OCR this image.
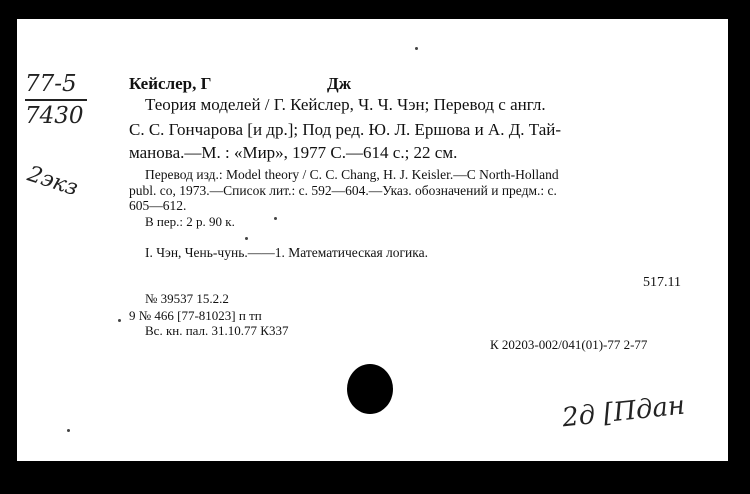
77-5
7430
2экз
Кейслер, Г	Дж
Теория моделей / Г. Кейслер, Ч. Ч. Чэн; Перевод с англ.
С. С. Гончарова [и др.]; Под ред. Ю. Л. Ершова и А. Д. Тай-
манова.—М. : «Мир», 1977 С.—614 с.; 22 см.
Перевод изд.: Model theory / C. C. Chang, H. J. Keisler.—C North-Holland
publ. co, 1973.—Список лит.: с. 592—604.—Указ. обозначений и предм.: с.
605—612.
В пер.: 2 р. 90 к.
I. Чэн, Чень-чунь.——1. Математическая логика.
517.11
№ 39537 15.2.2
9 № 466 [77-81023] п тп
Вс. кн. пал. 31.10.77 К337
К 20203-002/041(01)-77 2-77
2д [Пдан
